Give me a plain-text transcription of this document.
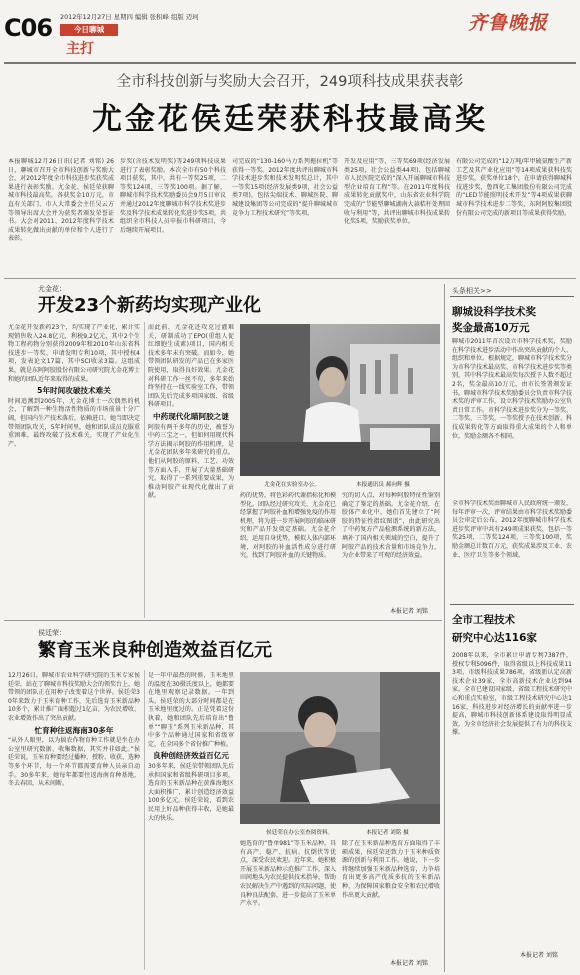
C06 2012年12月27日 星期四 编辑 张积峰 组版 迈珂
今日聊城
主打
齐鲁晚报
全市科技创新与奖励大会召开，249项科技成果获表彰
尤金花侯廷荣获科技最高奖
本报聊城12月26日讯(记者 刘铭) 26日，聊城市召开全市科技创新与奖励大会，对2012年度全市科技进步奖获奖成果进行表彰奖励。尤金花、侯廷荣获聊城市科技最高奖，各获奖金10万元，市直有关部门、市人大常委会主任吴云方等领导出席大会并为获奖者颁发荣誉证书。大会对2011、2012年度科学技术成果转化做出贡献的单位和个人进行了表彰。
步奖(含技术发明奖)等249项科技成果进行了表彰奖励。本次全市有50个科技项目获奖，其中，共有一等奖25项，二等奖124项，三等奖100项。据了解，聊城市科学技术奖励委员会9月5日审议并通过2012年度聊城市科学技术奖进步奖及科学技术成果转化奖进步奖5项，共组织全市科技人员申报市科研项目，今后继续开展项目。
司完成的“130-160马力系列拖拉机”等获得一等奖。2012年度共评出聊城市科学技术进步奖和技术发明奖总计，其中一等奖15项(经济发展类9项，社会公益类7项)，包括尖端技术、聊城医院、聊城建设集团等公司完成的“提升聊城城市竞争力工程技术研究”等奖项。
开发及应用”等，三等奖69项(经济发展类25项，社会公益类44项)，包括聊城市人民医院完成的“深入开展聊城市科技型企业培育工程”等。在2011年度科技成果转化贡献奖中，山东省农业科学院完成的“节能型聊城湖南大蒜秸秆处理回收与利用”等，共评出聊城市科技成果转化奖5项，奖励获奖单位。
有限公司完成的“12万吨/年甲硫氨酸生产新工艺及其产业化应用”等14项成果获科技奖进步奖，获奖单位18个，在申请获得聊城科技进步奖，鲁西化工集团股份有限公司完成的“LED节能照明技术开发”等4项成果获聊城市科学技术进步二等奖，东阿阿胶集团股份有限公司完成的新项目等成果获得奖励。
尤金花：
开发23个新药均实现产业化
尤金花开发新药23个，均实现了产业化，累计实现销售收入24.8亿元，利税9.2亿元，其中2个生物工程药物分别获得2009年和2010年山东省科技进步一等奖，申请发明专利10项，其中授权4项，发表论文17篇，其中SCI收录3篇。这组成果，就是东阿阿胶股份有限公司研究院尤金花博士和她的团队近年来取得的成果。
5年时间攻破技术难关
时间追溯到2005年，尤金花博士一次偶然的机会，了解到一种生物活性物质的市场前景十分广阔，但国内生产技术落后，依赖进口。她当即决定带领团队攻关，5年时间里，她和团队成员克服重重困难，最终攻破了技术难关，实现了产业化生产。
而此前，尤金花还攻克过灌难关，研制成功了EPO(重组人促红细胞生成素)项目，国内相关技术多年未有突破。而如今，她带领团队研发的产品已在多家医院使用，取得良好效果。尤金花对科研工作一丝不苟，多年来始终坚持在一线实验室工作，带领团队先后完成多项国家级、省级科研项目。
中药现代化瞄阿胶之谜
阿胶有两千多年的历史，被誉为中药三宝之一，但如何用现代科学方法揭示阿胶的作用机理，是尤金花团队多年来研究的重点。他们从阿胶的原料、工艺、功效等方面入手，开展了大量基础研究，取得了一系列重要成果，为推动阿胶产业现代化做出了贡献。
尤金花在实验室办公。	本报通讯员 郝向辉 摄
药的优势，将色彩药代谢指标化和模型化。团队经过研究攻关，尤金花已经掌握了阿胶补血和增强免疫的作用机理，将为进一步开展阿胶的临床研究和产品开发奠定基础。尤金花介绍，运用自身优势，模拟人体内部环境，对阿胶的补血活性成分进行研究，找到了阿胶补血的关键物质。
究的切入点，对每种阿胶特征性鉴别确定了鉴定的基础。尤金花介绍，在胶体产业化中，她们首先建立了“阿胶的特征性指纹图谱”，由此研究出了中药复方产品检测系统的新方法，填补了国内相关领域的空白，提升了阿胶产品的技术含量和市场竞争力，为企业带来了可观的经济效益。
本报记者 刘铭
头条相关>>
聊城设科学技术奖
奖金最高10万元
聊城市2011年首次设立市科学技术奖，奖励在科学技术进步活动中作出突出贡献的个人、组织和单位。根据规定，聊城市科学技术奖分为市科学技术最高奖、市科学技术进步奖等类别，其中科学技术最高奖每次授予人数不超过2名，奖金最高10万元，由市长签署颁发证书。聊城市科学技术奖励委员会负责市科学技术奖的评审工作，设立科学技术奖励办公室负责日常工作。市科学技术进步奖分为一等奖、二等奖、三等奖，一等奖授予在技术创新、科技成果转化等方面取得重大成果的个人和单位，奖励金额各不相同。
全市科学技术奖由聊城市人民政府统一颁发，每年评审一次，评审结果由市科学技术奖励委员会审定后公布。2012年度聊城市科学技术进步奖评审中共有249项成果获奖，包括一等奖25项，二等奖124项，三等奖100项，奖励金额总计数百万元，获奖成果涉及工业、农业、医疗卫生等多个领域。
全市工程技术
研究中心达116家
2008年以来，全市累计申请专利7387件，授权专利5096件，取得省级以上科技成果113项，市级科技成果786项，省级新认定高新技术企业39家，全市高新技术企业达到94家。全市已建设国家级、省级工程技术研究中心和重点实验室，市级工程技术研究中心达116家，科技进步对经济增长的贡献率进一步提高，聊城市科技创新体系建设取得明显成效，为全市经济社会发展提供了有力的科技支撑。
本报记者 刘铭
侯廷荣：
繁育玉米良种创造效益百亿元
12月26日，聊城市农业科学研究院的玉米专家侯廷荣，站在了聊城市科技奖励大会的领奖台上，她带领的团队正在用种子改变着这个世界。侯廷荣30年来致力于玉米育种工作，先后选育玉米新品种10多个，累计推广面积超过1亿亩，为农民增收、农业增效作出了突出贡献。
忙育种往返海南30多年
“从外人眼里，以为搞农作物育种工作就是坐在办公室里研究数据、收集数据，其实并非如此。”侯廷荣说，玉米育种要经过播种、授粉、收获、选种等多个环节，每一个环节都需要育种人员亲自动手。30多年来，她每年都要往返海南育种基地，冬去春回，从未间断。
是一年中最热的时候，玉米地里的温度在30摄氏度以上，她都要在地里观察记录数据。一年到头，侯廷荣的大部分时间都是在玉米地里度过的。正是凭着这份执着，她和团队先后培育出“鲁单”“聊玉”系列玉米新品种，其中多个品种通过国家和省级审定，在全国多个省份推广种植。
良种创经济效益百亿元
30多年来，侯廷荣带领团队先后承担国家和省级科研项目多项，选育的玉米新品种在黄淮海地区大面积推广，累计创造经济效益100多亿元。侯廷荣说，看到农民用上好品种获得丰收，是她最大的快乐。
侯廷荣在办公室查阅资料。	本报记者 刘铭 摄
她选育的“鲁单981”等玉米品种，具有高产、稳产、抗病、抗倒伏等优点，深受农民欢迎。近年来，她积极开展玉米新品种示范推广工作，深入田间地头为农民提供技术指导，帮助农民解决生产中遇到的实际问题，使良种良法配套，进一步提高了玉米单产水平。
除了在玉米新品种选育方面取得了丰硕成果，侯廷荣还致力于玉米种质资源的创新与利用工作。她说，下一步将继续加强玉米新品种选育，力争培育出更多高产优质多抗的玉米新品种，为保障国家粮食安全和农民增收作出更大贡献。
本报记者 刘铭
